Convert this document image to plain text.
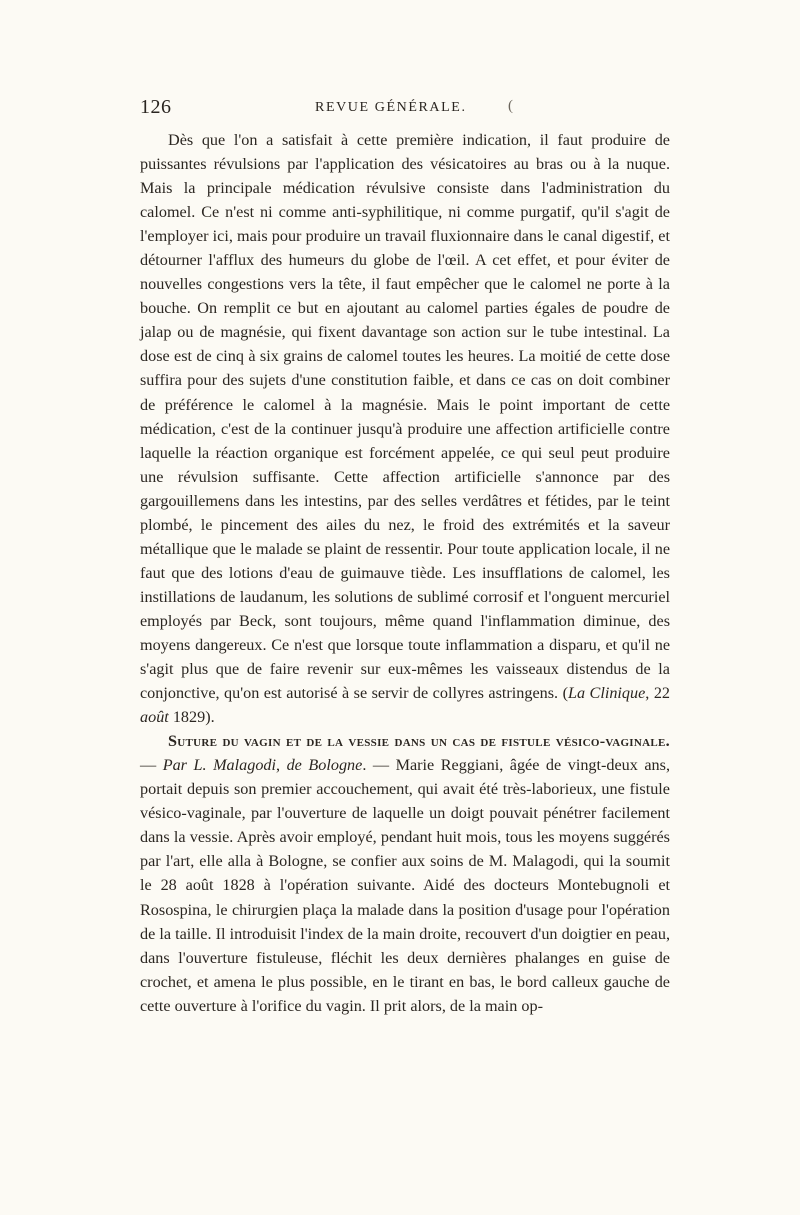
126	REVUE GÉNÉRALE.	(

Dès que l'on a satisfait à cette première indication, il faut produire de puissantes révulsions par l'application des vésicatoires au bras ou à la nuque. Mais la principale médication révulsive consiste dans l'administration du calomel. Ce n'est ni comme anti-syphilitique, ni comme purgatif, qu'il s'agit de l'employer ici, mais pour produire un travail fluxionnaire dans le canal digestif, et détourner l'afflux des humeurs du globe de l'œil. A cet effet, et pour éviter de nouvelles congestions vers la tête, il faut empêcher que le calomel ne porte à la bouche. On remplit ce but en ajoutant au calomel parties égales de poudre de jalap ou de magnésie, qui fixent davantage son action sur le tube intestinal. La dose est de cinq à six grains de calomel toutes les heures. La moitié de cette dose suffira pour des sujets d'une constitution faible, et dans ce cas on doit combiner de préférence le calomel à la magnésie. Mais le point important de cette médication, c'est de la continuer jusqu'à produire une affection artificielle contre laquelle la réaction organique est forcément appelée, ce qui seul peut produire une révulsion suffisante. Cette affection artificielle s'annonce par des gargouillemens dans les intestins, par des selles verdâtres et fétides, par le teint plombé, le pincement des ailes du nez, le froid des extrémités et la saveur métallique que le malade se plaint de ressentir. Pour toute application locale, il ne faut que des lotions d'eau de guimauve tiède. Les insufflations de calomel, les instillations de laudanum, les solutions de sublimé corrosif et l'onguent mercuriel employés par Beck, sont toujours, même quand l'inflammation diminue, des moyens dangereux. Ce n'est que lorsque toute inflammation a disparu, et qu'il ne s'agit plus que de faire revenir sur eux-mêmes les vaisseaux distendus de la conjonctive, qu'on est autorisé à se servir de collyres astringens. (La Clinique, 22 août 1829).

Suture du vagin et de la vessie dans un cas de fistule vésico-vaginale. — Par L. Malagodi, de Bologne. — Marie Reggiani, âgée de vingt-deux ans, portait depuis son premier accouchement, qui avait été très-laborieux, une fistule vésico-vaginale, par l'ouverture de laquelle un doigt pouvait pénétrer facilement dans la vessie. Après avoir employé, pendant huit mois, tous les moyens suggérés par l'art, elle alla à Bologne, se confier aux soins de M. Malagodi, qui la soumit le 28 août 1828 à l'opération suivante. Aidé des docteurs Montebugnoli et Rosospina, le chirurgien plaça la malade dans la position d'usage pour l'opération de la taille. Il introduisit l'index de la main droite, recouvert d'un doigtier en peau, dans l'ouverture fistuleuse, fléchit les deux dernières phalanges en guise de crochet, et amena le plus possible, en le tirant en bas, le bord calleux gauche de cette ouverture à l'orifice du vagin. Il prit alors, de la main op-
